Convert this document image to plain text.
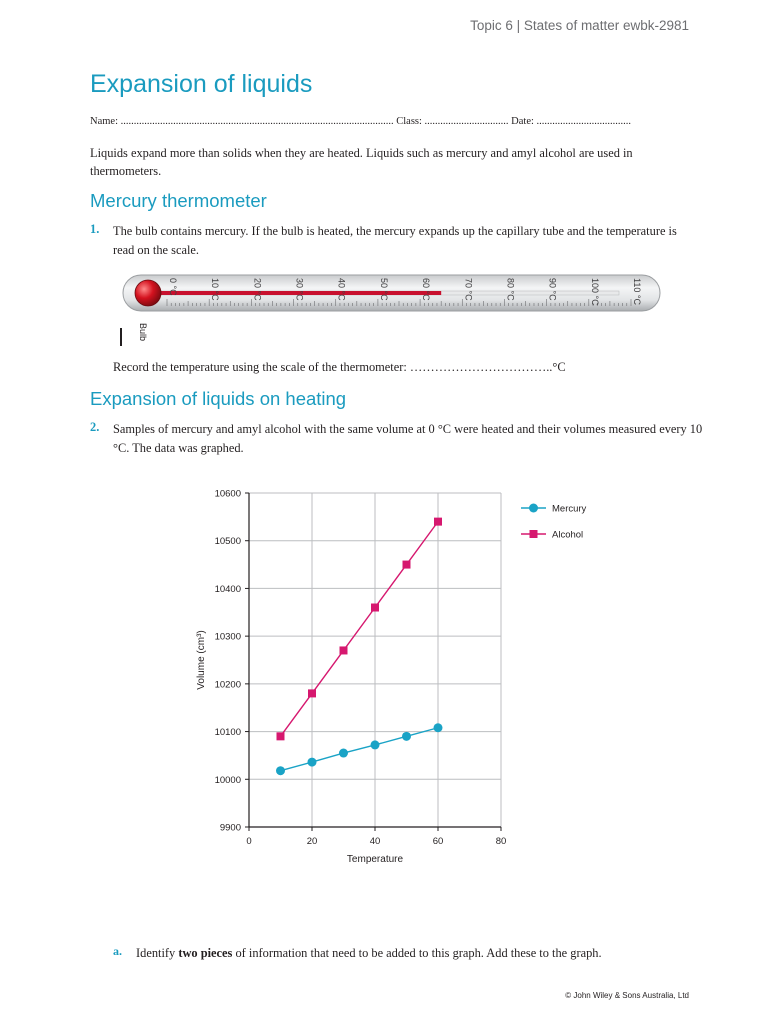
Topic 6 | States of matter ewbk-2981
Expansion of liquids
Name: ........................................................................................................ Class: ................................ Date: ....................................
Liquids expand more than solids when they are heated. Liquids such as mercury and amyl alcohol are used in thermometers.
Mercury thermometer
1. The bulb contains mercury. If the bulb is heated, the mercury expands up the capillary tube and the temperature is read on the scale.
0 °C	10 °C	20 °C	30 °C	40 °C	50 °C	60 °C	70 °C	80 °C	90 °C	100 °C	110 °C
Bulb
Record the temperature using the scale of the thermometer: ……………………………..°C
Expansion of liquids on heating
2. Samples of mercury and amyl alcohol with the same volume at 0 °C were heated and their volumes measured every 10 °C. The data was graphed.
9900
10000
10100
10200
10300
10400
10500
10600
0	20	40	60	80
Temperature
Volume (cm³)
Mercury
Alcohol
a. Identify two pieces of information that need to be added to this graph. Add these to the graph.
© John Wiley & Sons Australia, Ltd
